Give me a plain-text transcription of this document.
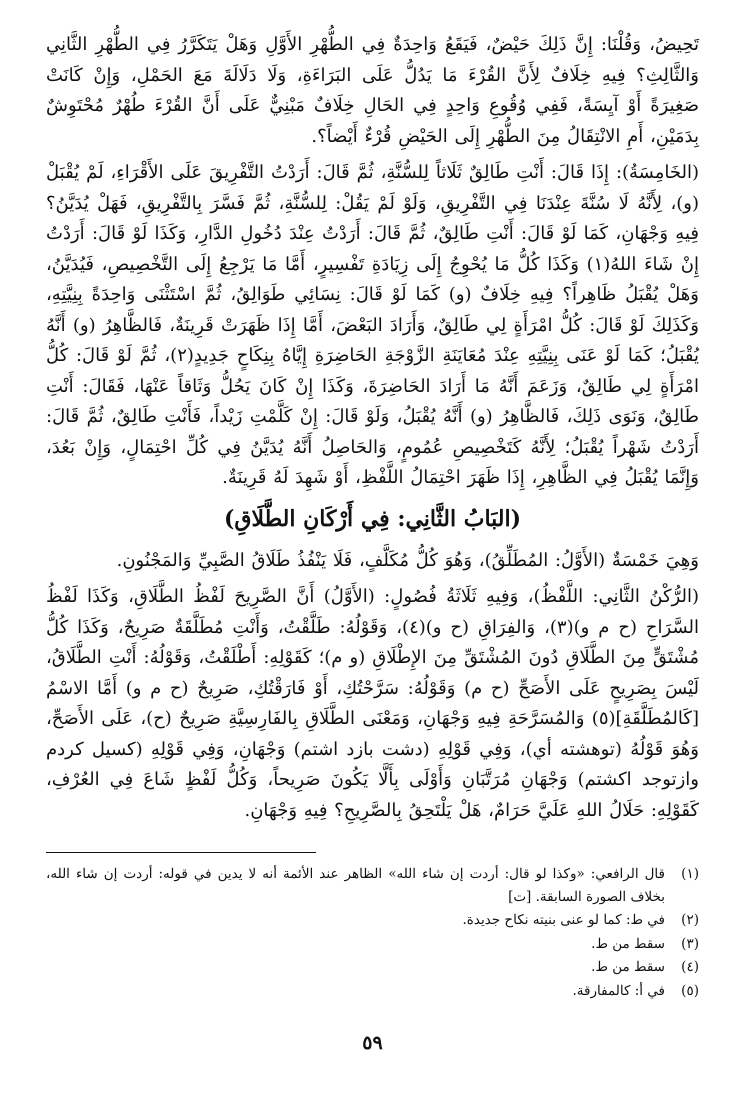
تَحِيضُ، وَقُلْنَا: إِنَّ ذَلِكَ حَيْضٌ، فَيَقَعُ وَاحِدَةٌ فِي الطُّهْرِ الأَوَّلِ وَهَلْ يَتَكَرَّرُ فِي الطُّهْرِ الثَّانِي وَالثَّالِثِ؟ فِيهِ خِلَافٌ لِأَنَّ القُرْءَ مَا يَدُلُّ عَلَى البَرَاءَةِ، وَلَا دَلَالَةَ مَعَ الحَمْلِ، وَإِنْ كَانَتْ صَغِيرَةً أَوْ آيِسَةً، فَفِي وُقُوعِ وَاحِدٍ فِي الحَالِ خِلَافٌ مَبْنِيٌّ عَلَى أَنَّ القُرْءَ طُهْرٌ مُحْتَوِشٌ بِدَمَيْنِ، أَمِ الانْتِقَالُ مِنَ الطُّهْرِ إِلَى الحَيْضِ قُرْءٌ أَيْضاً؟.

(الخَامِسَةُ): إِذَا قَالَ: أَنْتِ طَالِقٌ ثَلَاثاً لِلسُّنَّةِ، ثُمَّ قَالَ: أَرَدْتُ التَّفْرِيقَ عَلَى الأَقْرَاءِ، لَمْ يُقْبَلْ (و)، لِأَنَّهُ لَا سُنَّةَ عِنْدَنَا فِي التَّفْرِيقِ، وَلَوْ لَمْ يَقُلْ: لِلسُّنَّةِ، ثُمَّ فَسَّرَ بِالتَّفْرِيقِ، فَهَلْ يُدَيَّنُ؟ فِيهِ وَجْهَانِ، كَمَا لَوْ قَالَ: أَنْتِ طَالِقٌ، ثُمَّ قَالَ: أَرَدْتُ عِنْدَ دُخُولِ الدَّارِ، وَكَذَا لَوْ قَالَ: أَرَدْتُ إِنْ شَاءَ اللهُ(١) وَكَذَا كُلُّ مَا يُحْوِجُ إِلَى زِيَادَةِ تَفْسِيرٍ، أَمَّا مَا يَرْجِعُ إِلَى التَّخْصِيصِ، فَيُدَيَّنُ، وَهَلْ يُقْبَلُ ظَاهِراً؟ فِيهِ خِلَافٌ (و) كَمَا لَوْ قَالَ: نِسَائِي طَوَالِقُ، ثُمَّ اسْتَثْنَى وَاحِدَةً بِنِيَّتِهِ، وَكَذَلِكَ لَوْ قَالَ: كُلُّ امْرَأَةٍ لِي طَالِقٌ، وَأَرَادَ البَعْضَ، أَمَّا إِذَا ظَهَرَتْ قَرِينَةٌ، فَالظَّاهِرُ (و) أَنَّهُ يُقْبَلُ؛ كَمَا لَوْ عَنَى بِنِيَّتِهِ عِنْدَ مُعَايَنَةِ الزَّوْجَةِ الحَاضِرَةِ إِيَّاهُ بِنِكَاحٍ جَدِيدٍ(٢)، ثُمَّ لَوْ قَالَ: كُلُّ امْرَأَةٍ لِي طَالِقٌ، وَزَعَمَ أَنَّهُ مَا أَرَادَ الحَاضِرَةَ، وَكَذَا إِنْ كَانَ يَحُلُّ وَثَاقاً عَنْهَا، فَقَالَ: أَنْتِ طَالِقٌ، وَنَوَى ذَلِكَ، فَالظَّاهِرُ (و) أَنَّهُ يُقْبَلُ، وَلَوْ قَالَ: إِنْ كَلَّمْتِ زَيْداً، فَأَنْتِ طَالِقٌ، ثُمَّ قَالَ: أَرَدْتُ شَهْراً يُقْبَلُ؛ لِأَنَّهُ كَتَخْصِيصِ عُمُومٍ، وَالحَاصِلُ أَنَّهُ يُدَيَّنُ فِي كُلِّ احْتِمَالٍ، وَإِنْ بَعُدَ، وَإِنَّمَا يُقْبَلُ فِي الظَّاهِرِ، إِذَا ظَهَرَ احْتِمَالُ اللَّفْظِ، أَوْ شَهِدَ لَهُ قَرِينَةٌ.

(البَابُ الثَّانِي: فِي أَرْكَانِ الطَّلَاقِ)

وَهِيَ خَمْسَةٌ (الأَوَّلُ: المُطَلِّقُ)، وَهُوَ كُلُّ مُكَلَّفٍ، فَلَا يَنْفُذُ طَلَاقُ الصَّبِيِّ وَالمَجْنُونِ.

(الرُّكْنُ الثَّانِي: اللَّفْظُ)، وَفِيهِ ثَلَاثَةُ فُصُولٍ: (الأَوَّلُ) أَنَّ الصَّرِيحَ لَفْظُ الطَّلَاقِ، وَكَذَا لَفْظُ السَّرَاحِ (ح م و)(٣)، وَالفِرَاقِ (ح و)(٤)، وَقَوْلُهُ: طَلَّقْتُ، وَأَنْتِ مُطَلَّقَةٌ صَرِيحٌ، وَكَذَا كُلُّ مُشْتَقٍّ مِنَ الطَّلَاقِ دُونَ المُشْتَقِّ مِنَ الإِطْلَاقِ (و م)؛ كَقَوْلِهِ: أَطْلَقْتُ، وَقَوْلُهُ: أَنْتِ الطَّلَاقُ، لَيْسَ بِصَرِيحٍ عَلَى الأَصَحِّ (ح م) وَقَوْلُهُ: سَرَّحْتُكِ، أَوْ فَارَقْتُكِ، صَرِيحٌ (ح م و) أَمَّا الاسْمُ [كَالمُطَلَّقَةِ](٥) وَالمُسَرَّحَةِ فِيهِ وَجْهَانِ، وَمَعْنَى الطَّلَاقِ بِالفَارِسِيَّةِ صَرِيحٌ (ح)، عَلَى الأَصَحِّ، وَهُوَ قَوْلُهُ (توهشته أي)، وَفِي قَوْلِهِ (دشت بازد اشتم) وَجْهَانِ، وَفِي قَوْلِهِ (كسيل كردم وازتوجد اكشتم) وَجْهَانِ مُرَتَّبَانِ وَأَوْلَى بِأَلَّا يَكُونَ صَرِيحاً، وَكُلُّ لَفْظٍ شَاعَ فِي العُرْفِ، كَقَوْلِهِ: حَلَالُ اللهِ عَلَيَّ حَرَامٌ، هَلْ يَلْتَحِقُ بِالصَّرِيحِ؟ فِيهِ وَجْهَانِ.

(١)
قال الرافعي: «وكذا لو قال: أردت إن شاء الله» الظاهر عند الأئمة أنه لا يدين في قوله: أردت إن شاء الله، بخلاف الصورة السابقة. [ت]
(٢)
في ط: كما لو عنى بنيته نكاح جديدة.
(٣)
سقط من ط.
(٤)
سقط من ط.
(٥)
في أ: كالمفارقة.
٥٩
